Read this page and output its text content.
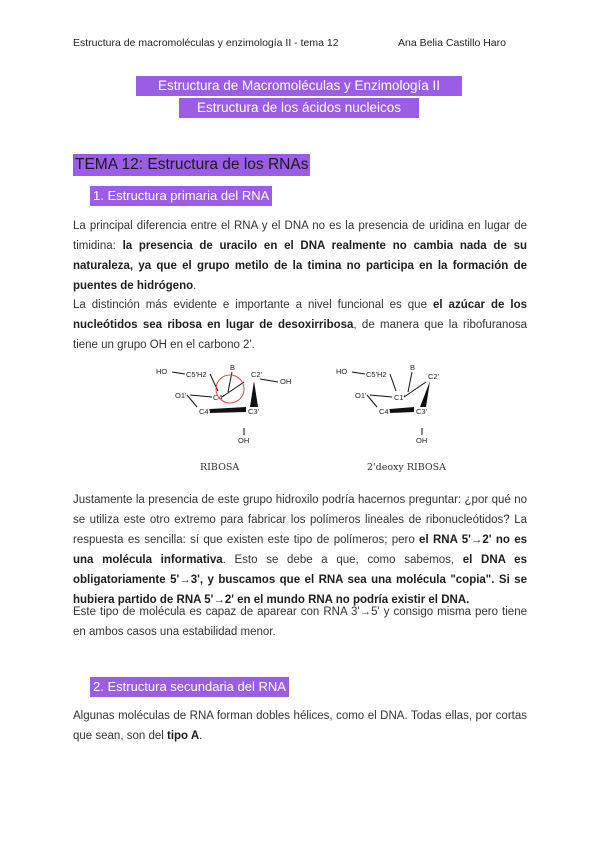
Estructura de macromoléculas y enzimología II - tema 12	Ana Belia Castillo Haro
Estructura de Macromoléculas y Enzimología II
Estructura de los ácidos nucleicos
TEMA 12: Estructura de los RNAs
1. Estructura primaria del RNA
La principal diferencia entre el RNA y el DNA no es la presencia de uridina en lugar de timidina: la presencia de uracilo en el DNA realmente no cambia nada de su naturaleza, ya que el grupo metilo de la timina no participa en la formación de puentes de hidrógeno.
La distinción más evidente e importante a nivel funcional es que el azúcar de los nucleótidos sea ribosa en lugar de desoxirribosa, de manera que la ribofuranosa tiene un grupo OH en el carbono 2'.
HO	C5'H2
B
C4'
C2'
OH
O1'
C4'	C3'
OH
RIBOSA
HO	C5'H2
B
C1'
C2'
O1'
C4'	C3'
OH
2'deoxy RIBOSA
Justamente la presencia de este grupo hidroxilo podría hacernos preguntar: ¿por qué no se utiliza este otro extremo para fabricar los polímeros lineales de ribonucleótidos? La respuesta es sencilla: sí que existen este tipo de polímeros; pero el RNA 5'→2' no es una molécula informativa. Esto se debe a que, como sabemos, el DNA es obligatoriamente 5'→3', y buscamos que el RNA sea una molécula "copia". Si se hubiera partido de RNA 5'→2' en el mundo RNA no podría existir el DNA.
Este tipo de molécula es capaz de aparear con RNA 3'→5' y consigo misma pero tiene en ambos casos una estabilidad menor.
2. Estructura secundaria del RNA
Algunas moléculas de RNA forman dobles hélices, como el DNA. Todas ellas, por cortas que sean, son del tipo A.
